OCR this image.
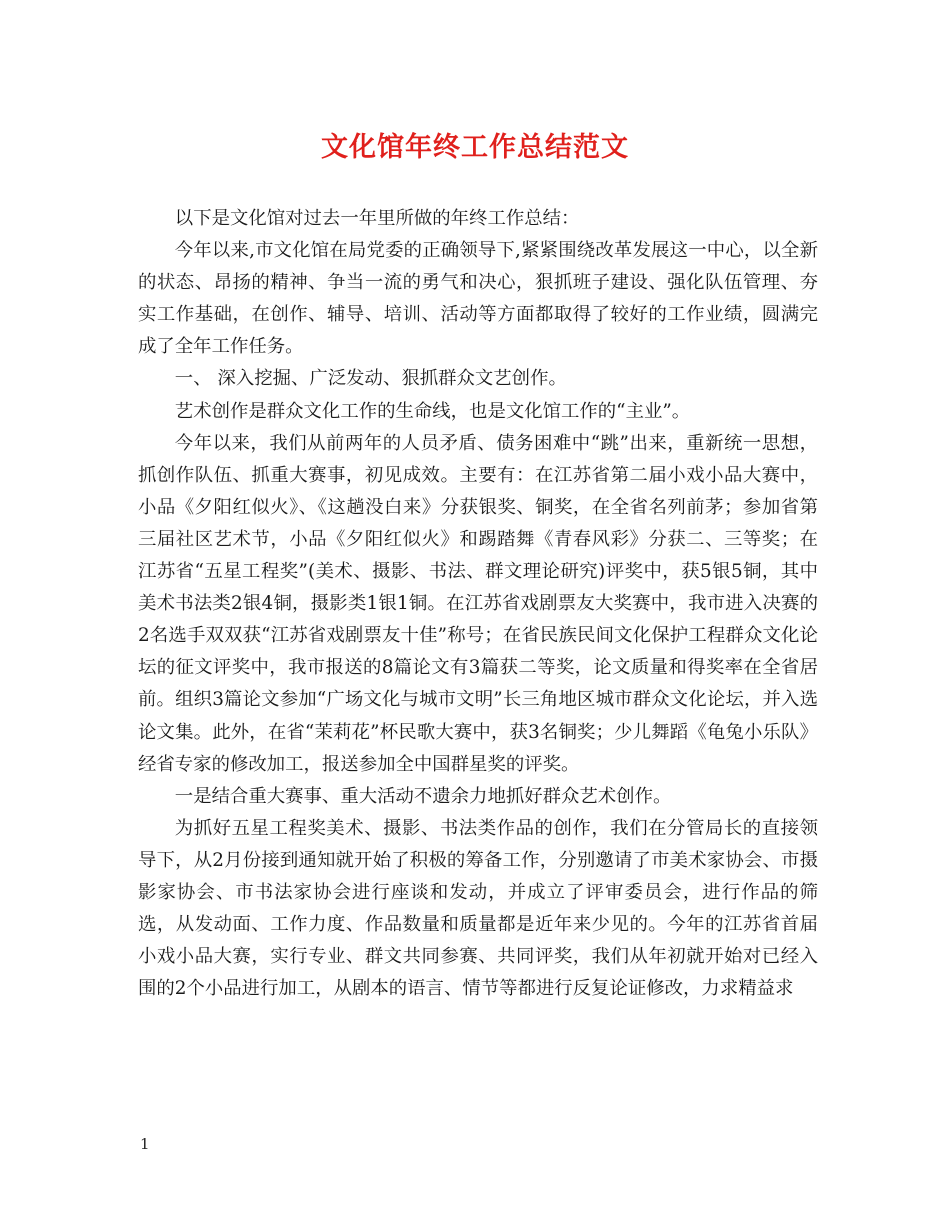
文化馆年终工作总结范文

以下是文化馆对过去一年里所做的年终工作总结：

今年以来,市文化馆在局党委的正确领导下,紧紧围绕改革发展这一中心，以全新的状态、昂扬的精神、争当一流的勇气和决心，狠抓班子建设、强化队伍管理、夯实工作基础，在创作、辅导、培训、活动等方面都取得了较好的工作业绩，圆满完成了全年工作任务。

一、 深入挖掘、广泛发动、狠抓群众文艺创作。

艺术创作是群众文化工作的生命线，也是文化馆工作的“主业”。

今年以来，我们从前两年的人员矛盾、债务困难中“跳”出来，重新统一思想，抓创作队伍、抓重大赛事，初见成效。主要有：在江苏省第二届小戏小品大赛中，小品《夕阳红似火》、《这趟没白来》分获银奖、铜奖，在全省名列前茅；参加省第三届社区艺术节，小品《夕阳红似火》和踢踏舞《青春风彩》分获二、三等奖；在江苏省“五星工程奖”(美术、摄影、书法、群文理论研究)评奖中，获5银5铜，其中美术书法类2银4铜，摄影类1银1铜。在江苏省戏剧票友大奖赛中，我市进入决赛的2名选手双双获“江苏省戏剧票友十佳”称号；在省民族民间文化保护工程群众文化论坛的征文评奖中，我市报送的8篇论文有3篇获二等奖，论文质量和得奖率在全省居前。组织3篇论文参加“广场文化与城市文明”长三角地区城市群众文化论坛，并入选论文集。此外，在省“茉莉花”杯民歌大赛中，获3名铜奖；少儿舞蹈《龟兔小乐队》经省专家的修改加工，报送参加全中国群星奖的评奖。

一是结合重大赛事、重大活动不遗余力地抓好群众艺术创作。

为抓好五星工程奖美术、摄影、书法类作品的创作，我们在分管局长的直接领导下，从2月份接到通知就开始了积极的筹备工作，分别邀请了市美术家协会、市摄影家协会、市书法家协会进行座谈和发动，并成立了评审委员会，进行作品的筛选，从发动面、工作力度、作品数量和质量都是近年来少见的。今年的江苏省首届小戏小品大赛，实行专业、群文共同参赛、共同评奖，我们从年初就开始对已经入围的2个小品进行加工，从剧本的语言、情节等都进行反复论证修改，力求精益求

1
